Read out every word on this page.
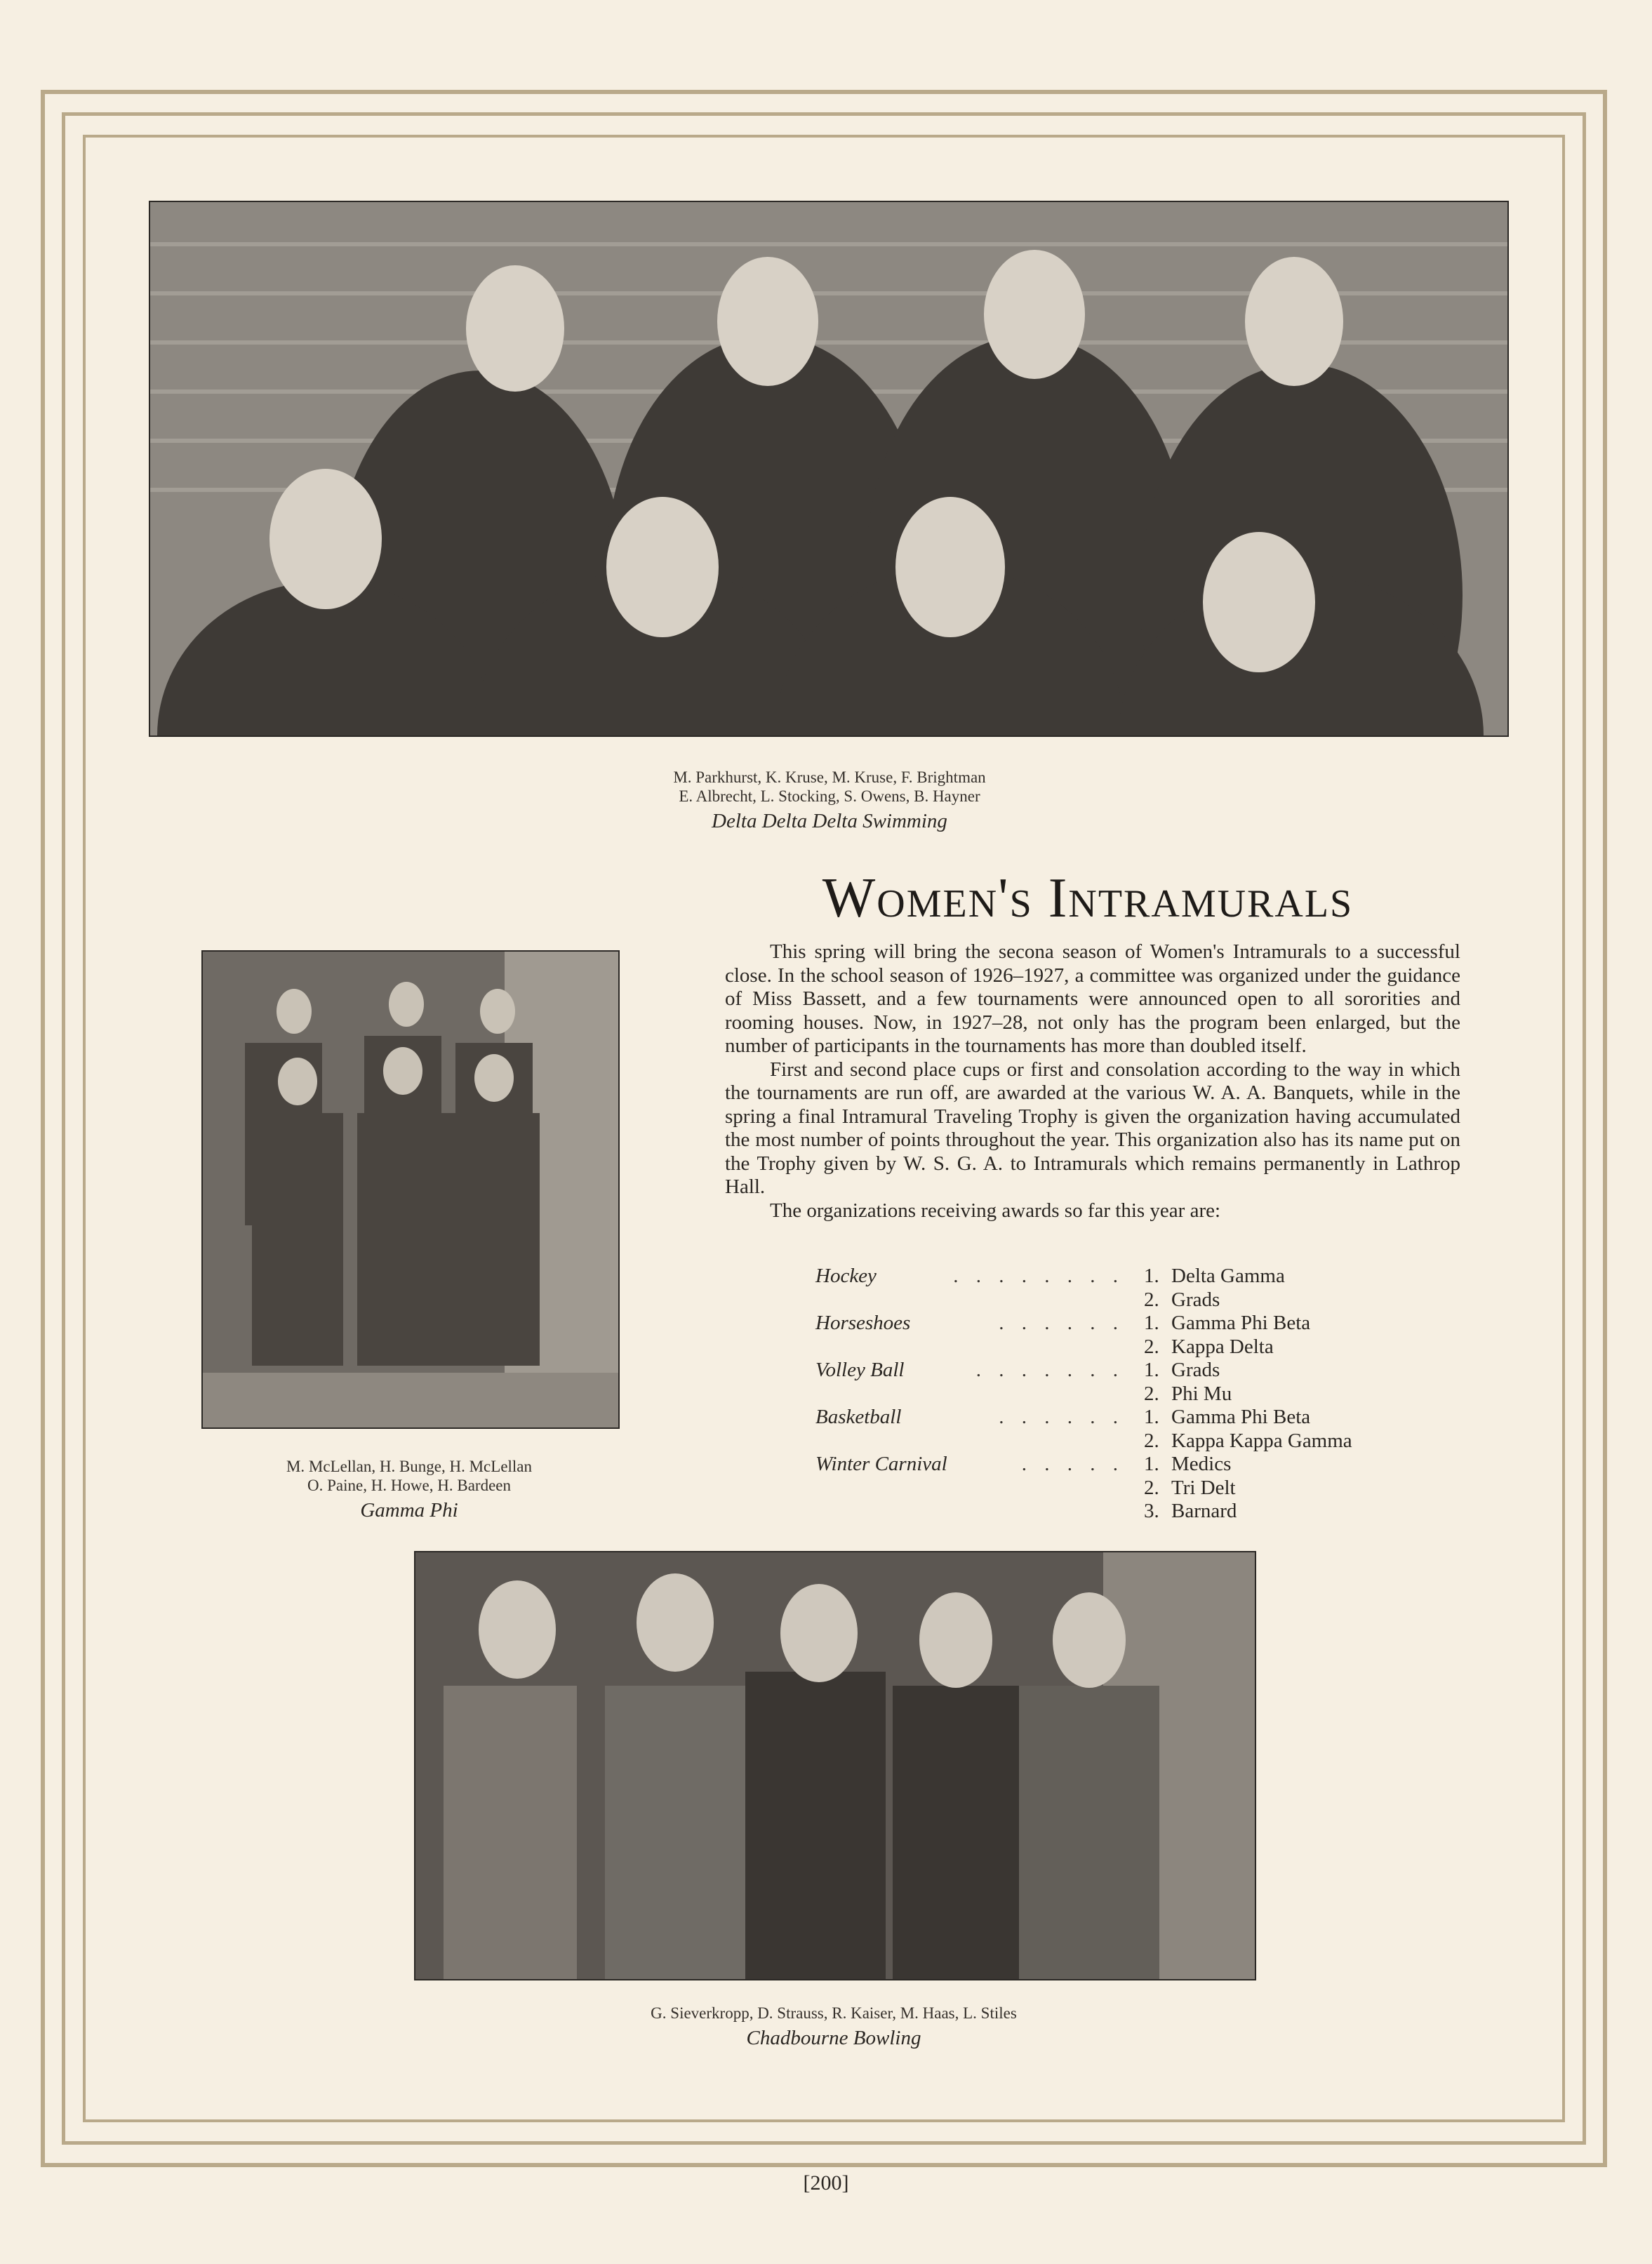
M. Parkhurst, K. Kruse, M. Kruse, F. Brightman
E. Albrecht, L. Stocking, S. Owens, B. Hayner
Delta Delta Delta Swimming
M. McLellan, H. Bunge, H. McLellan
O. Paine, H. Howe, H. Bardeen
Gamma Phi
Women's Intramurals

This spring will bring the secona season of Women's Intramurals to a successful close. In the school season of 1926–1927, a committee was organized under the guidance of Miss Bassett, and a few tournaments were announced open to all sororities and rooming houses. Now, in 1927–28, not only has the program been enlarged, but the number of participants in the tournaments has more than doubled itself.

First and second place cups or first and consolation according to the way in which the tournaments are run off, are awarded at the various W. A. A. Banquets, while in the spring a final Intramural Traveling Trophy is given the organization having accumulated the most number of points throughout the year. This organization also has its name put on the Trophy given by W. S. G. A. to Intramurals which remains permanently in Lathrop Hall.

The organizations receiving awards so far this year are:

Hockey	. . . . . . . . 1. Delta Gamma
2. Grads
Horseshoes	. . . . . . 1. Gamma Phi Beta
2. Kappa Delta
Volley Ball	. . . . . . . 1. Grads
2. Phi Mu
Basketball	. . . . . . 1. Gamma Phi Beta
2. Kappa Kappa Gamma
Winter Carnival	. . . . . 1. Medics
2. Tri Delt
3. Barnard
G. Sieverkropp, D. Strauss, R. Kaiser, M. Haas, L. Stiles
Chadbourne Bowling
[200]
